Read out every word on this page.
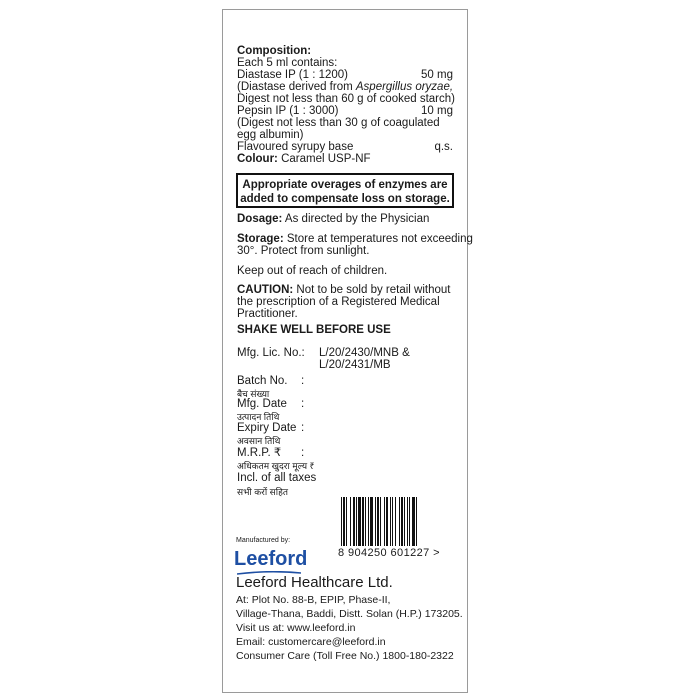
Composition:
Each 5 ml contains:
Diastase IP (1 : 1200)	50 mg
(Diastase derived from Aspergillus oryzae,
Digest not less than 60 g of cooked starch)
Pepsin IP (1 : 3000)	10 mg
(Digest not less than 30 g of coagulated
egg albumin)
Flavoured syrupy base	q.s.
Colour: Caramel USP-NF
Appropriate overages of enzymes are
added to compensate loss on storage.
Dosage: As directed by the Physician
Storage: Store at temperatures not exceeding
30°. Protect from sunlight.
Keep out of reach of children.
CAUTION: Not to be sold by retail without
the prescription of a Registered Medical
Practitioner.
SHAKE WELL BEFORE USE
Mfg. Lic. No.: L/20/2430/MNB &
L/20/2431/MB
Batch No. :
बैच संख्या
Mfg. Date :
उत्पादन तिथि
Expiry Date :
अवसान तिथि
M.R.P. ₹ :
अधिकतम खुदरा मूल्य ₹
Incl. of all taxes
सभी करों सहित
8 904250 601227 >
Manufactured by:
Leeford
Leeford Healthcare Ltd.
At: Plot No. 88-B, EPIP, Phase-II,
Village-Thana, Baddi, Distt. Solan (H.P.) 173205.
Visit us at: www.leeford.in
Email: customercare@leeford.in
Consumer Care (Toll Free No.) 1800-180-2322
